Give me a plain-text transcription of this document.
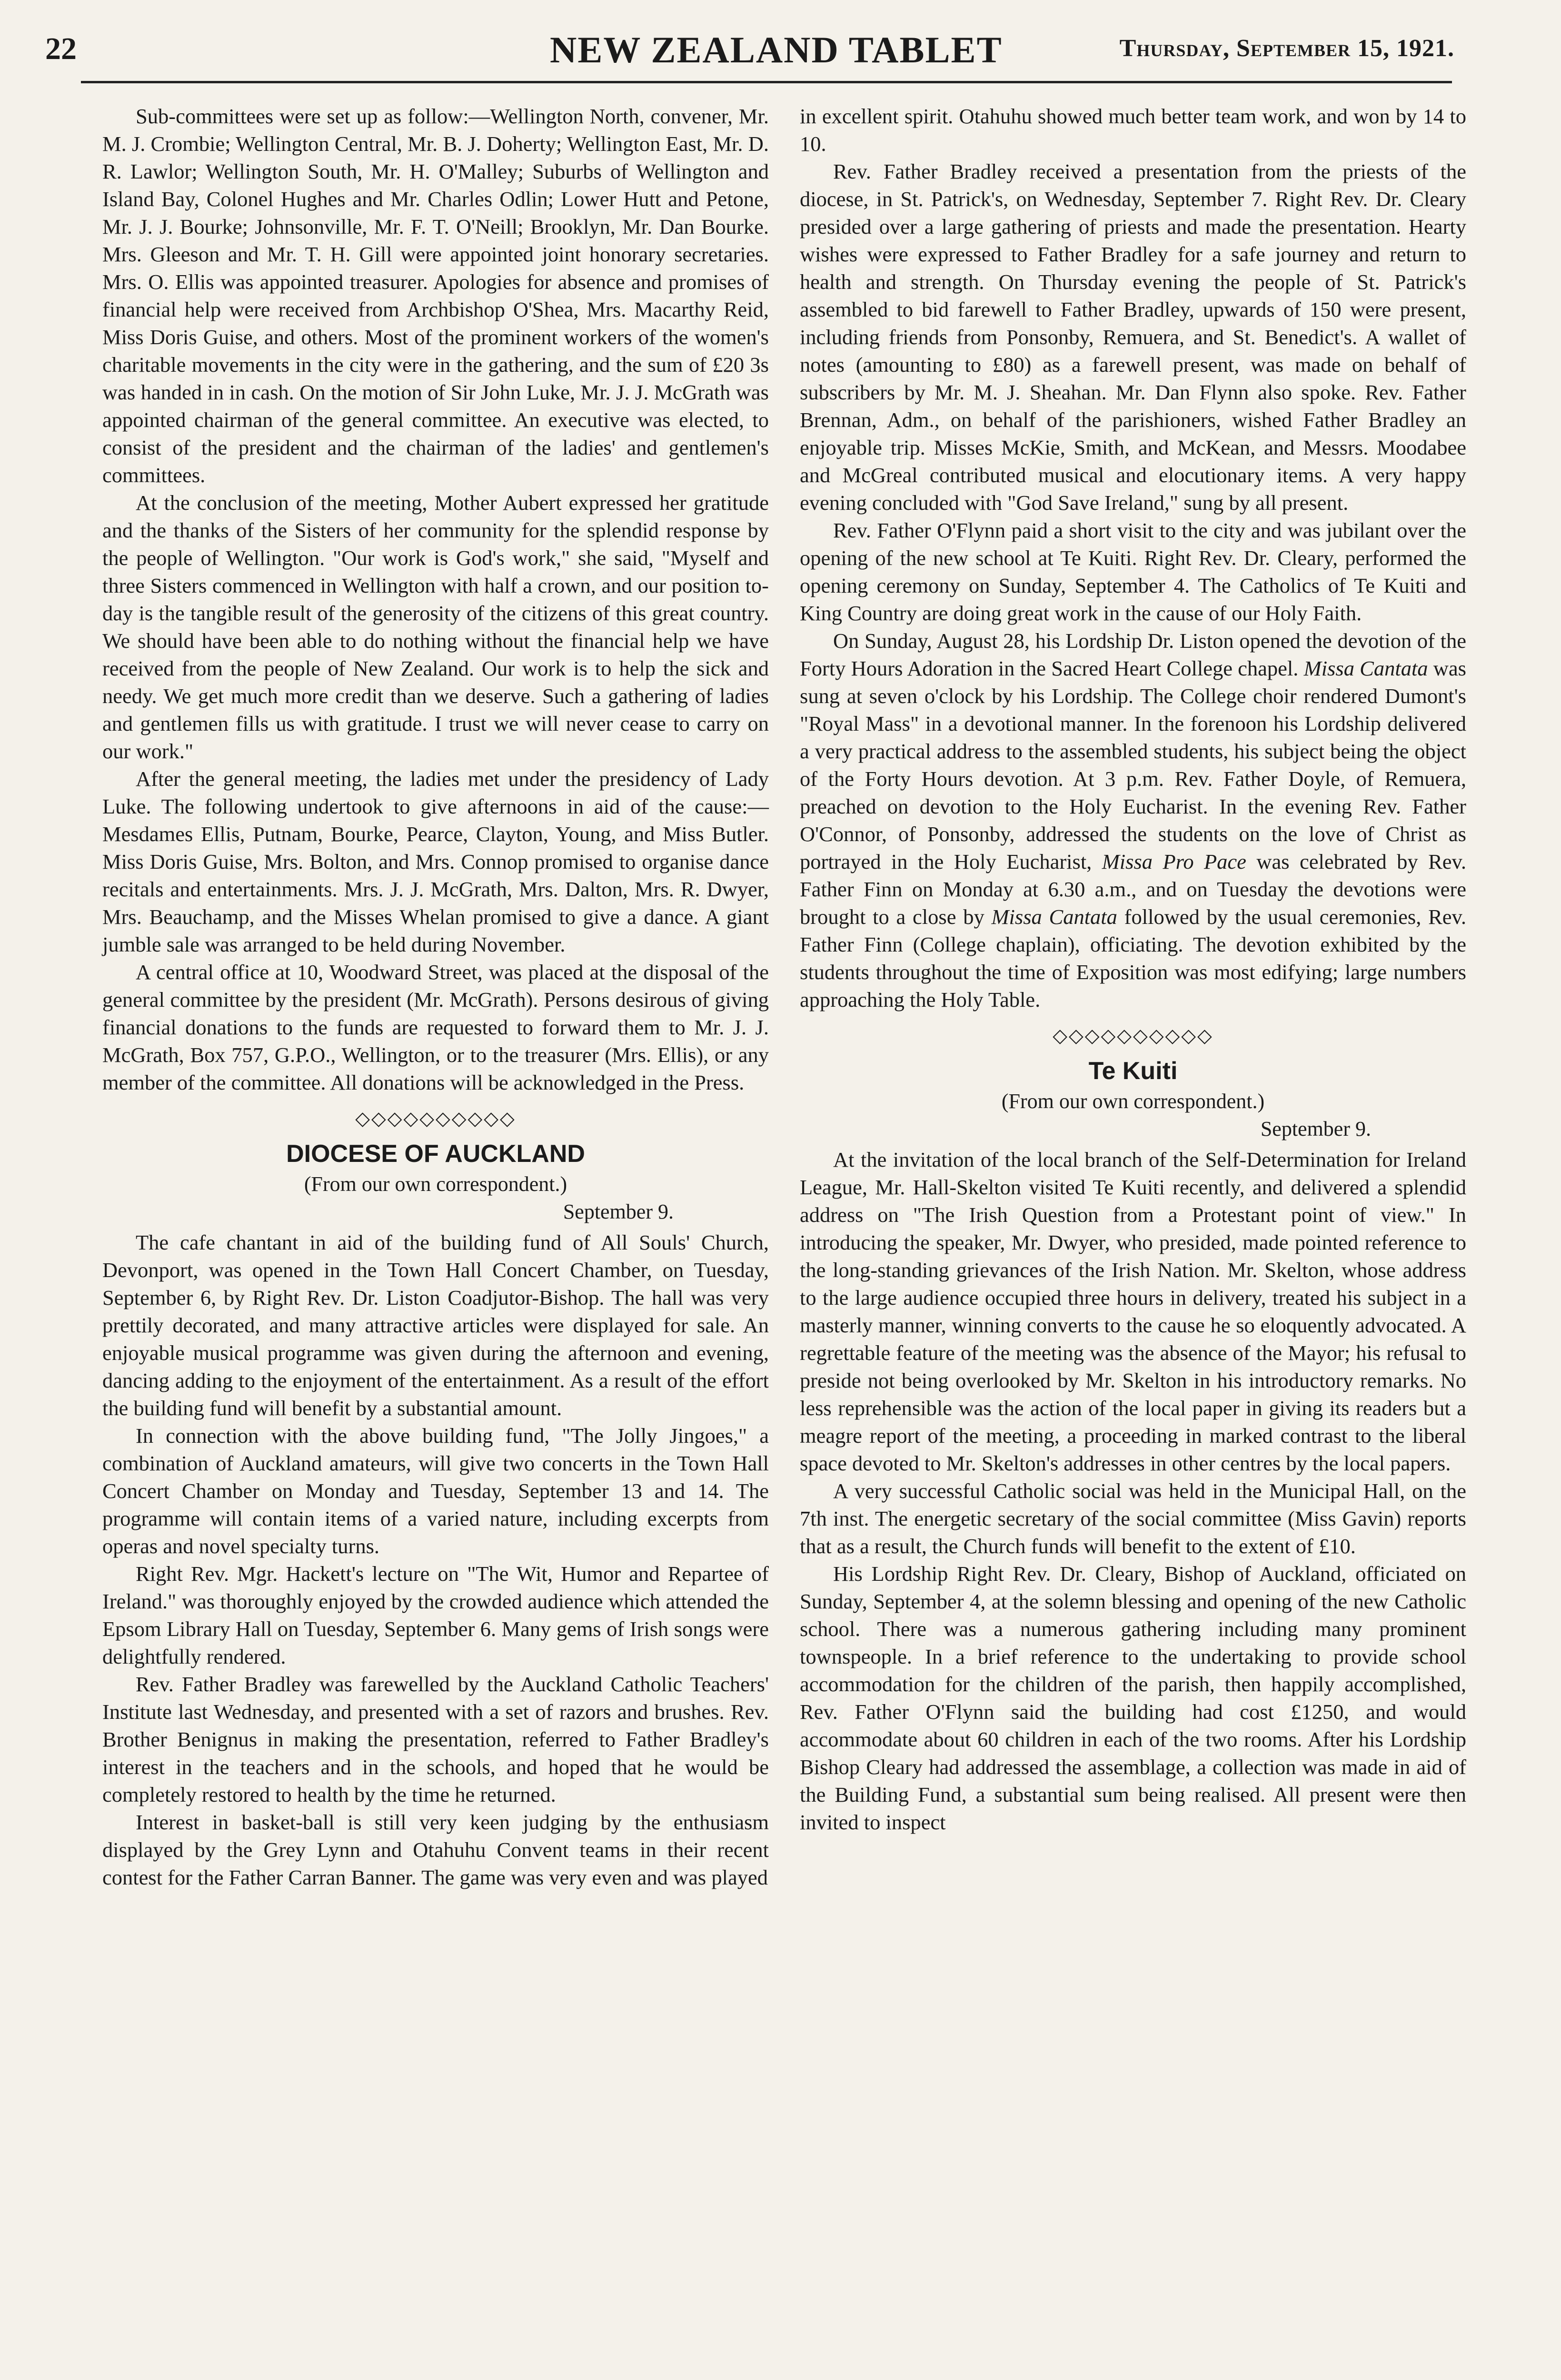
22	NEW ZEALAND TABLET	Thursday, September 15, 1921.

Sub-committees were set up as follow:—Wellington North, convener, Mr. M. J. Crombie; Wellington Central, Mr. B. J. Doherty; Wellington East, Mr. D. R. Lawlor; Wellington South, Mr. H. O'Malley; Suburbs of Wellington and Island Bay, Colonel Hughes and Mr. Charles Odlin; Lower Hutt and Petone, Mr. J. J. Bourke; Johnsonville, Mr. F. T. O'Neill; Brooklyn, Mr. Dan Bourke. Mrs. Gleeson and Mr. T. H. Gill were appointed joint honorary secretaries. Mrs. O. Ellis was appointed treasurer. Apologies for absence and promises of financial help were received from Archbishop O'Shea, Mrs. Macarthy Reid, Miss Doris Guise, and others. Most of the prominent workers of the women's charitable movements in the city were in the gathering, and the sum of £20 3s was handed in in cash. On the motion of Sir John Luke, Mr. J. J. McGrath was appointed chairman of the general committee. An executive was elected, to consist of the president and the chairman of the ladies' and gentlemen's committees.

At the conclusion of the meeting, Mother Aubert expressed her gratitude and the thanks of the Sisters of her community for the splendid response by the people of Wellington. "Our work is God's work," she said, "Myself and three Sisters commenced in Wellington with half a crown, and our position to-day is the tangible result of the generosity of the citizens of this great country. We should have been able to do nothing without the financial help we have received from the people of New Zealand. Our work is to help the sick and needy. We get much more credit than we deserve. Such a gathering of ladies and gentlemen fills us with gratitude. I trust we will never cease to carry on our work."

After the general meeting, the ladies met under the presidency of Lady Luke. The following undertook to give afternoons in aid of the cause:—Mesdames Ellis, Putnam, Bourke, Pearce, Clayton, Young, and Miss Butler. Miss Doris Guise, Mrs. Bolton, and Mrs. Connop promised to organise dance recitals and entertainments. Mrs. J. J. McGrath, Mrs. Dalton, Mrs. R. Dwyer, Mrs. Beauchamp, and the Misses Whelan promised to give a dance. A giant jumble sale was arranged to be held during November.

A central office at 10, Woodward Street, was placed at the disposal of the general committee by the president (Mr. McGrath). Persons desirous of giving financial donations to the funds are requested to forward them to Mr. J. J. McGrath, Box 757, G.P.O., Wellington, or to the treasurer (Mrs. Ellis), or any member of the committee. All donations will be acknowledged in the Press.

◇◇◇◇◇◇◇◇◇◇
DIOCESE OF AUCKLAND
(From our own correspondent.)
September 9.

The cafe chantant in aid of the building fund of All Souls' Church, Devonport, was opened in the Town Hall Concert Chamber, on Tuesday, September 6, by Right Rev. Dr. Liston Coadjutor-Bishop. The hall was very prettily decorated, and many attractive articles were displayed for sale. An enjoyable musical programme was given during the afternoon and evening, dancing adding to the enjoyment of the entertainment. As a result of the effort the building fund will benefit by a substantial amount.

In connection with the above building fund, "The Jolly Jingoes," a combination of Auckland amateurs, will give two concerts in the Town Hall Concert Chamber on Monday and Tuesday, September 13 and 14. The programme will contain items of a varied nature, including excerpts from operas and novel specialty turns.

Right Rev. Mgr. Hackett's lecture on "The Wit, Humor and Repartee of Ireland." was thoroughly enjoyed by the crowded audience which attended the Epsom Library Hall on Tuesday, September 6. Many gems of Irish songs were delightfully rendered.

Rev. Father Bradley was farewelled by the Auckland Catholic Teachers' Institute last Wednesday, and presented with a set of razors and brushes. Rev. Brother Benignus in making the presentation, referred to Father Bradley's interest in the teachers and in the schools, and hoped that he would be completely restored to health by the time he returned.

Interest in basket-ball is still very keen judging by the enthusiasm displayed by the Grey Lynn and Otahuhu Convent teams in their recent contest for the Father Carran Banner. The game was very even and was played

in excellent spirit. Otahuhu showed much better team work, and won by 14 to 10.

Rev. Father Bradley received a presentation from the priests of the diocese, in St. Patrick's, on Wednesday, September 7. Right Rev. Dr. Cleary presided over a large gathering of priests and made the presentation. Hearty wishes were expressed to Father Bradley for a safe journey and return to health and strength. On Thursday evening the people of St. Patrick's assembled to bid farewell to Father Bradley, upwards of 150 were present, including friends from Ponsonby, Remuera, and St. Benedict's. A wallet of notes (amounting to £80) as a farewell present, was made on behalf of subscribers by Mr. M. J. Sheahan. Mr. Dan Flynn also spoke. Rev. Father Brennan, Adm., on behalf of the parishioners, wished Father Bradley an enjoyable trip. Misses McKie, Smith, and McKean, and Messrs. Moodabee and McGreal contributed musical and elocutionary items. A very happy evening concluded with "God Save Ireland," sung by all present.

Rev. Father O'Flynn paid a short visit to the city and was jubilant over the opening of the new school at Te Kuiti. Right Rev. Dr. Cleary, performed the opening ceremony on Sunday, September 4. The Catholics of Te Kuiti and King Country are doing great work in the cause of our Holy Faith.

On Sunday, August 28, his Lordship Dr. Liston opened the devotion of the Forty Hours Adoration in the Sacred Heart College chapel. Missa Cantata was sung at seven o'clock by his Lordship. The College choir rendered Dumont's "Royal Mass" in a devotional manner. In the forenoon his Lordship delivered a very practical address to the assembled students, his subject being the object of the Forty Hours devotion. At 3 p.m. Rev. Father Doyle, of Remuera, preached on devotion to the Holy Eucharist. In the evening Rev. Father O'Connor, of Ponsonby, addressed the students on the love of Christ as portrayed in the Holy Eucharist, Missa Pro Pace was celebrated by Rev. Father Finn on Monday at 6.30 a.m., and on Tuesday the devotions were brought to a close by Missa Cantata followed by the usual ceremonies, Rev. Father Finn (College chaplain), officiating. The devotion exhibited by the students throughout the time of Exposition was most edifying; large numbers approaching the Holy Table.

◇◇◇◇◇◇◇◇◇◇
Te Kuiti
(From our own correspondent.)
September 9.

At the invitation of the local branch of the Self-Determination for Ireland League, Mr. Hall-Skelton visited Te Kuiti recently, and delivered a splendid address on "The Irish Question from a Protestant point of view." In introducing the speaker, Mr. Dwyer, who presided, made pointed reference to the long-standing grievances of the Irish Nation. Mr. Skelton, whose address to the large audience occupied three hours in delivery, treated his subject in a masterly manner, winning converts to the cause he so eloquently advocated. A regrettable feature of the meeting was the absence of the Mayor; his refusal to preside not being overlooked by Mr. Skelton in his introductory remarks. No less reprehensible was the action of the local paper in giving its readers but a meagre report of the meeting, a proceeding in marked contrast to the liberal space devoted to Mr. Skelton's addresses in other centres by the local papers.

A very successful Catholic social was held in the Municipal Hall, on the 7th inst. The energetic secretary of the social committee (Miss Gavin) reports that as a result, the Church funds will benefit to the extent of £10.

His Lordship Right Rev. Dr. Cleary, Bishop of Auckland, officiated on Sunday, September 4, at the solemn blessing and opening of the new Catholic school. There was a numerous gathering including many prominent townspeople. In a brief reference to the undertaking to provide school accommodation for the children of the parish, then happily accomplished, Rev. Father O'Flynn said the building had cost £1250, and would accommodate about 60 children in each of the two rooms. After his Lordship Bishop Cleary had addressed the assemblage, a collection was made in aid of the Building Fund, a substantial sum being realised. All present were then invited to inspect
